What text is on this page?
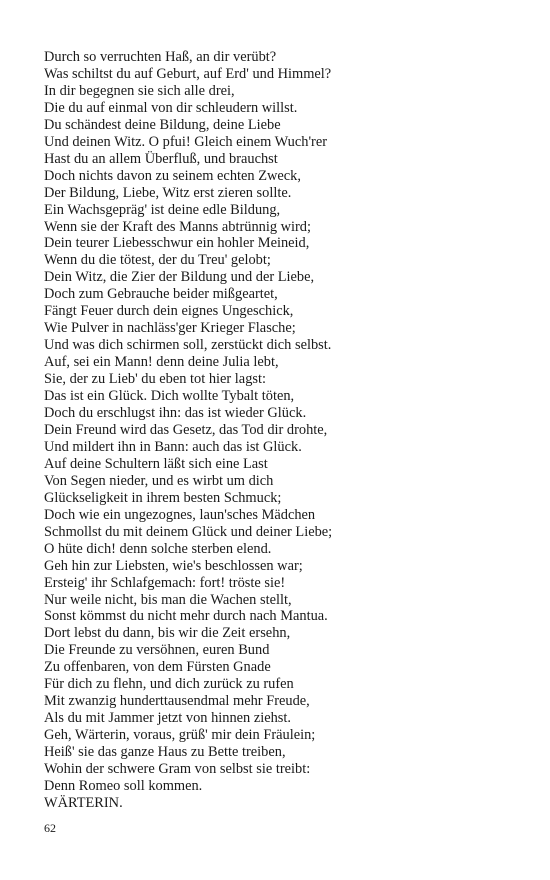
Durch so verruchten Haß, an dir verübt?
Was schiltst du auf Geburt, auf Erd' und Himmel?
In dir begegnen sie sich alle drei,
Die du auf einmal von dir schleudern willst.
Du schändest deine Bildung, deine Liebe
Und deinen Witz. O pfui! Gleich einem Wuch'rer
Hast du an allem Überfluß, und brauchst
Doch nichts davon zu seinem echten Zweck,
Der Bildung, Liebe, Witz erst zieren sollte.
Ein Wachsgepräg' ist deine edle Bildung,
Wenn sie der Kraft des Manns abtrünnig wird;
Dein teurer Liebesschwur ein hohler Meineid,
Wenn du die tötest, der du Treu' gelobt;
Dein Witz, die Zier der Bildung und der Liebe,
Doch zum Gebrauche beider mißgeartet,
Fängt Feuer durch dein eignes Ungeschick,
Wie Pulver in nachläss'ger Krieger Flasche;
Und was dich schirmen soll, zerstückt dich selbst.
Auf, sei ein Mann! denn deine Julia lebt,
Sie, der zu Lieb' du eben tot hier lagst:
Das ist ein Glück. Dich wollte Tybalt töten,
Doch du erschlugst ihn: das ist wieder Glück.
Dein Freund wird das Gesetz, das Tod dir drohte,
Und mildert ihn in Bann: auch das ist Glück.
Auf deine Schultern läßt sich eine Last
Von Segen nieder, und es wirbt um dich
Glückseligkeit in ihrem besten Schmuck;
Doch wie ein ungezognes, laun'sches Mädchen
Schmollst du mit deinem Glück und deiner Liebe;
O hüte dich! denn solche sterben elend.
Geh hin zur Liebsten, wie's beschlossen war;
Ersteig' ihr Schlafgemach: fort! tröste sie!
Nur weile nicht, bis man die Wachen stellt,
Sonst kömmst du nicht mehr durch nach Mantua.
Dort lebst du dann, bis wir die Zeit ersehn,
Die Freunde zu versöhnen, euren Bund
Zu offenbaren, von dem Fürsten Gnade
Für dich zu flehn, und dich zurück zu rufen
Mit zwanzig hunderttausendmal mehr Freude,
Als du mit Jammer jetzt von hinnen ziehst.
Geh, Wärterin, voraus, grüß' mir dein Fräulein;
Heiß' sie das ganze Haus zu Bette treiben,
Wohin der schwere Gram von selbst sie treibt:
Denn Romeo soll kommen.
WÄRTERIN.
62
